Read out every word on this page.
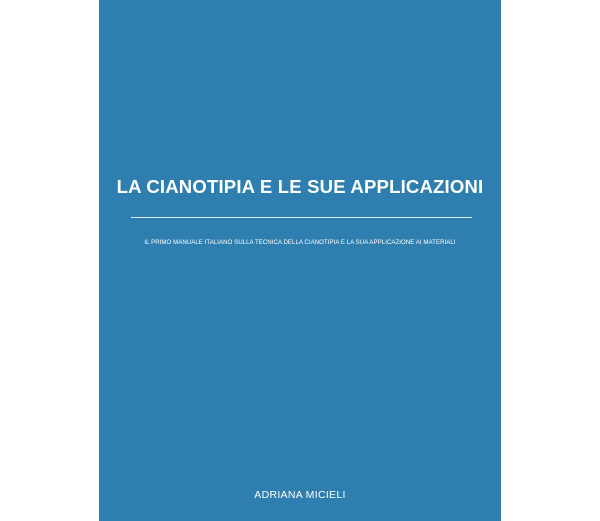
LA CIANOTIPIA E LE SUE APPLICAZIONI
IL PRIMO MANUALE ITALIANO SULLA TECNICA DELLA CIANOTIPIA E LA SUA APPLICAZIONE AI MATERIALI
ADRIANA MICIELI
